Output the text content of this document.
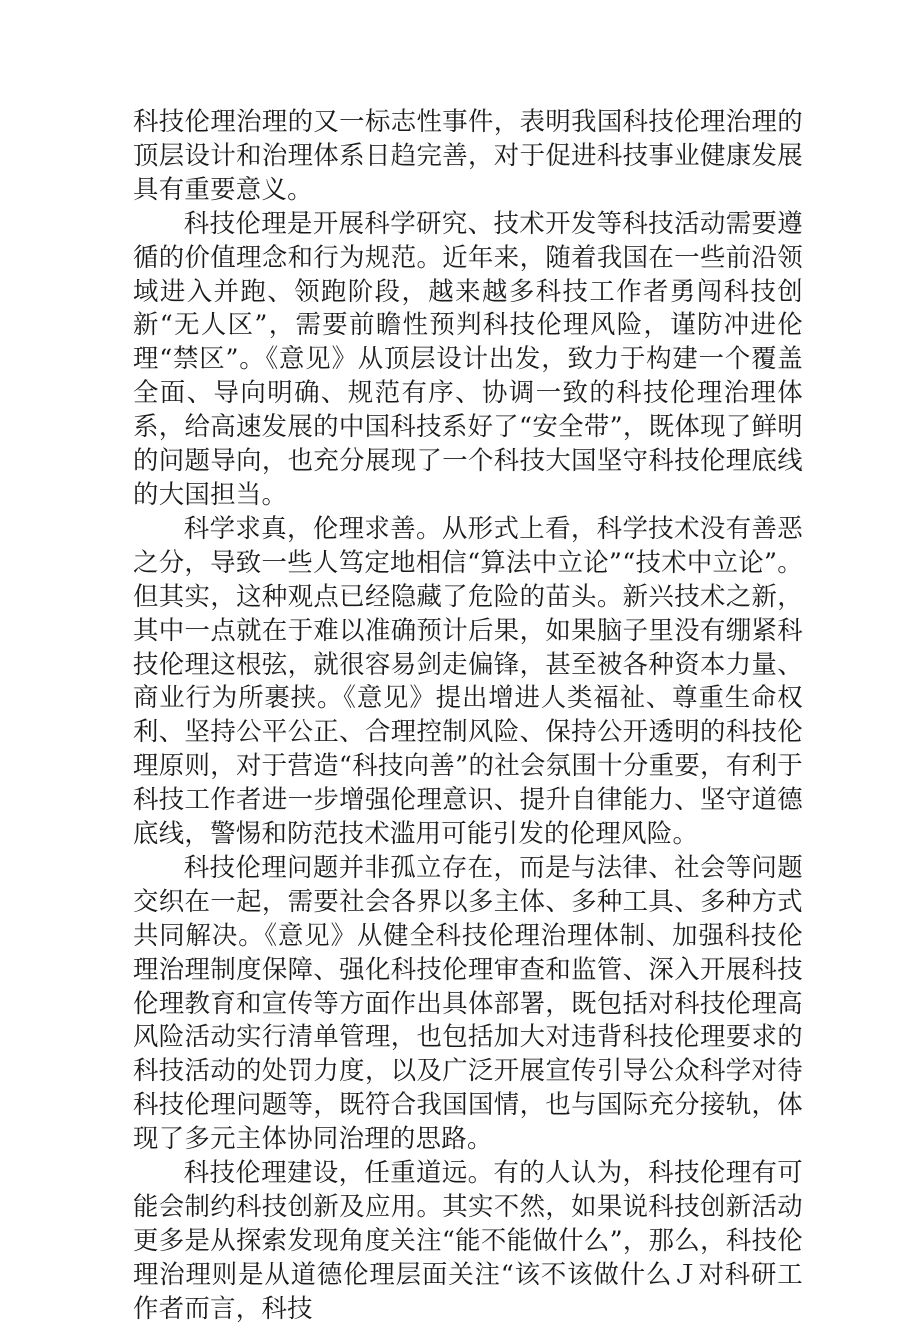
科技伦理治理的又一标志性事件，表明我国科技伦理治理的顶层设计和治理体系日趋完善，对于促进科技事业健康发展具有重要意义。

科技伦理是开展科学研究、技术开发等科技活动需要遵循的价值理念和行为规范。近年来，随着我国在一些前沿领域进入并跑、领跑阶段，越来越多科技工作者勇闯科技创新“无人区”，需要前瞻性预判科技伦理风险，谨防冲进伦理“禁区”。《意见》从顶层设计出发，致力于构建一个覆盖全面、导向明确、规范有序、协调一致的科技伦理治理体系，给高速发展的中国科技系好了“安全带”，既体现了鲜明的问题导向，也充分展现了一个科技大国坚守科技伦理底线的大国担当。

科学求真，伦理求善。从形式上看，科学技术没有善恶之分，导致一些人笃定地相信“算法中立论”“技术中立论”。但其实，这种观点已经隐藏了危险的苗头。新兴技术之新，其中一点就在于难以准确预计后果，如果脑子里没有绷紧科技伦理这根弦，就很容易剑走偏锋，甚至被各种资本力量、商业行为所裹挟。《意见》提出增进人类福祉、尊重生命权利、坚持公平公正、合理控制风险、保持公开透明的科技伦理原则，对于营造“科技向善”的社会氛围十分重要，有利于科技工作者进一步增强伦理意识、提升自律能力、坚守道德底线，警惕和防范技术滥用可能引发的伦理风险。

科技伦理问题并非孤立存在，而是与法律、社会等问题交织在一起，需要社会各界以多主体、多种工具、多种方式共同解决。《意见》从健全科技伦理治理体制、加强科技伦理治理制度保障、强化科技伦理审查和监管、深入开展科技伦理教育和宣传等方面作出具体部署，既包括对科技伦理高风险活动实行清单管理，也包括加大对违背科技伦理要求的科技活动的处罚力度，以及广泛开展宣传引导公众科学对待科技伦理问题等，既符合我国国情，也与国际充分接轨，体现了多元主体协同治理的思路。

科技伦理建设，任重道远。有的人认为，科技伦理有可能会制约科技创新及应用。其实不然，如果说科技创新活动更多是从探索发现角度关注“能不能做什么”，那么，科技伦理治理则是从道德伦理层面关注“该不该做什么Ｊ对科研工作者而言，科技
